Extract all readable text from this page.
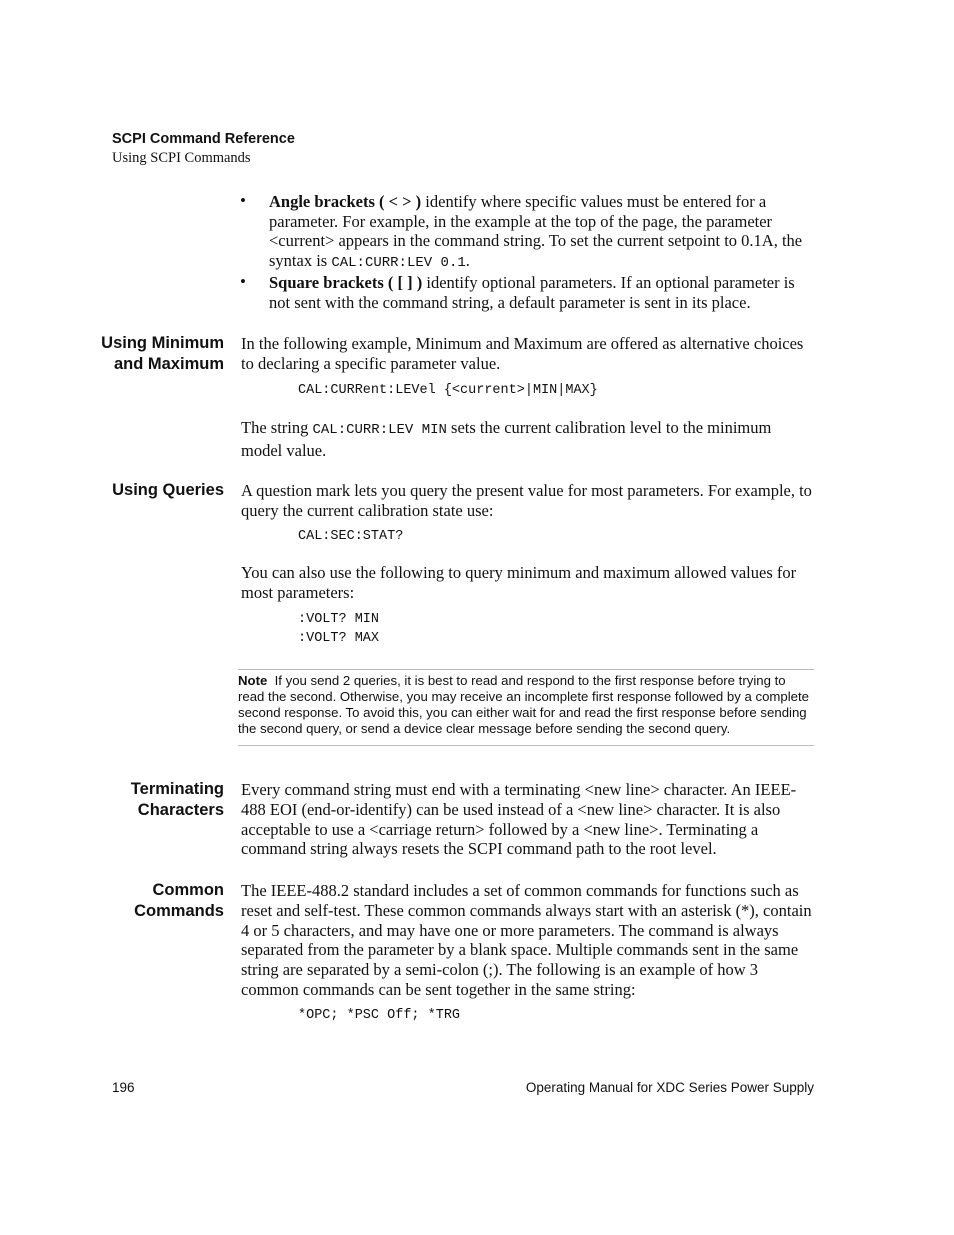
SCPI Command Reference
Using SCPI Commands
• Angle brackets ( < > ) identify where specific values must be entered for a parameter. For example, in the example at the top of the page, the parameter <current> appears in the command string. To set the current setpoint to 0.1A, the syntax is CAL:CURR:LEV 0.1.
• Square brackets ( [ ] ) identify optional parameters. If an optional parameter is not sent with the command string, a default parameter is sent in its place.
Using Minimum and Maximum
In the following example, Minimum and Maximum are offered as alternative choices to declaring a specific parameter value.
CAL:CURRent:LEVel {<current>|MIN|MAX}
The string CAL:CURR:LEV MIN sets the current calibration level to the minimum model value.
Using Queries A question mark lets you query the present value for most parameters. For example, to query the current calibration state use:
CAL:SEC:STAT?
You can also use the following to query minimum and maximum allowed values for most parameters:
:VOLT? MIN
:VOLT? MAX
Note If you send 2 queries, it is best to read and respond to the first response before trying to read the second. Otherwise, you may receive an incomplete first response followed by a complete second response. To avoid this, you can either wait for and read the first response before sending the second query, or send a device clear message before sending the second query.
Terminating Characters
Every command string must end with a terminating <new line> character. An IEEE-488 EOI (end-or-identify) can be used instead of a <new line> character. It is also acceptable to use a <carriage return> followed by a <new line>. Terminating a command string always resets the SCPI command path to the root level.
Common Commands
The IEEE-488.2 standard includes a set of common commands for functions such as reset and self-test. These common commands always start with an asterisk (*), contain 4 or 5 characters, and may have one or more parameters. The command is always separated from the parameter by a blank space. Multiple commands sent in the same string are separated by a semi-colon (;). The following is an example of how 3 common commands can be sent together in the same string:
*OPC; *PSC Off; *TRG
196	Operating Manual for XDC Series Power Supply
